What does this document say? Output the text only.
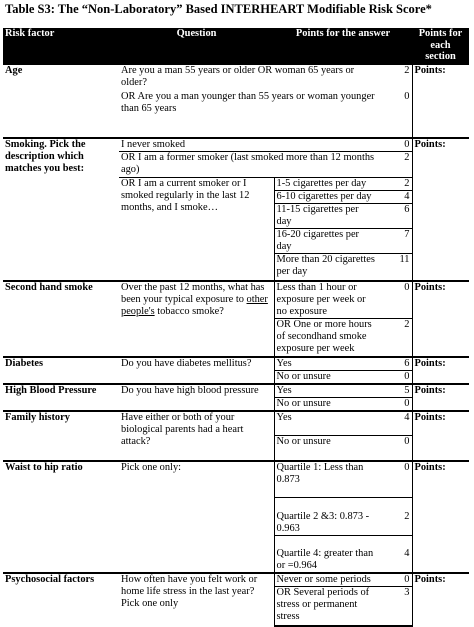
Table S3: The “Non-Laboratory” Based INTERHEART Modifiable Risk Score*
Risk factor	Question	Points for the answer		Points for each section
Age	Are you a man 55 years or older OR woman 65 years or older?		2	Points:
	OR Are you a man younger than 55 years or woman younger than 65 years		0	
Smoking. Pick the description which matches you best:	I never smoked		0	Points:
	OR I am a former smoker (last smoked more than 12 months ago)		2	
	OR I am a current smoker or I smoked regularly in the last 12 months, and I smoke…	1-5 cigarettes per day	2	
		6-10 cigarettes per day	4	
		11-15 cigarettes per day	6	
		16-20 cigarettes per day	7	
		More than 20 cigarettes per day	11	

Second hand smoke	Over the past 12 months, what has been your typical exposure to other people's tobacco smoke?	Less than 1 hour or exposure per week or no exposure	0	Points:
		OR One or more hours of secondhand smoke exposure per week	2	
Diabetes	Do you have diabetes mellitus?	Yes	6	Points:
		No or unsure	0	
High Blood Pressure	Do you have high blood pressure	Yes	5	Points:
		No or unsure	0	
Family history	Have either or both of your biological parents had a heart attack?	Yes	4	Points:
		No or unsure	0	
Waist to hip ratio	Pick one only:	Quartile 1: Less than 0.873	0	Points:
		Quartile 2 &3: 0.873 - 0.963	2	
		Quartile 4: greater than or =0.964	4	
Psychosocial factors	How often have you felt work or home life stress in the last year? Pick one only	Never or some periods	0	Points:
		OR Several periods of stress or permanent stress	3	
